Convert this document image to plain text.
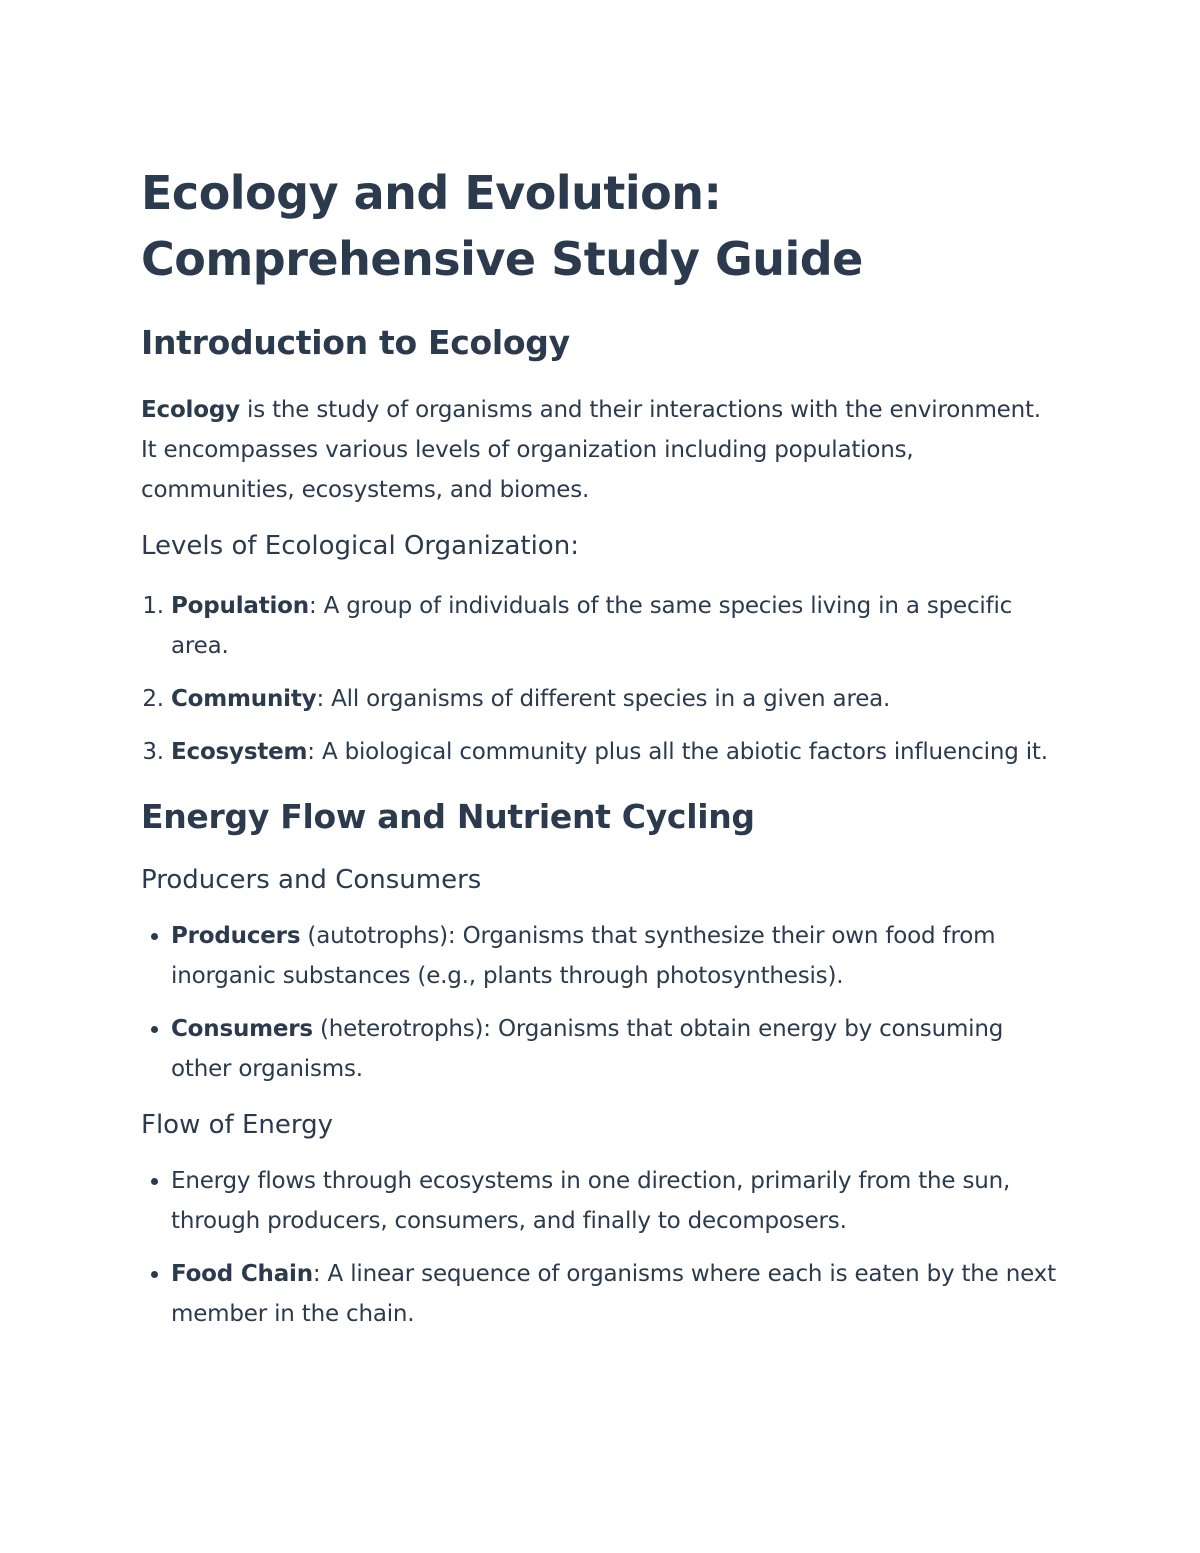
Ecology and Evolution: Comprehensive Study Guide
Introduction to Ecology

Ecology is the study of organisms and their interactions with the environment. It encompasses various levels of organization including populations, communities, ecosystems, and biomes.

Levels of Ecological Organization:
1. Population: A group of individuals of the same species living in a specific area.
2. Community: All organisms of different species in a given area.
3. Ecosystem: A biological community plus all the abiotic factors influencing it.
Energy Flow and Nutrient Cycling
Producers and Consumers
• Producers (autotrophs): Organisms that synthesize their own food from inorganic substances (e.g., plants through photosynthesis).
• Consumers (heterotrophs): Organisms that obtain energy by consuming other organisms.
Flow of Energy
• Energy flows through ecosystems in one direction, primarily from the sun, through producers, consumers, and finally to decomposers.
• Food Chain: A linear sequence of organisms where each is eaten by the next member in the chain.
